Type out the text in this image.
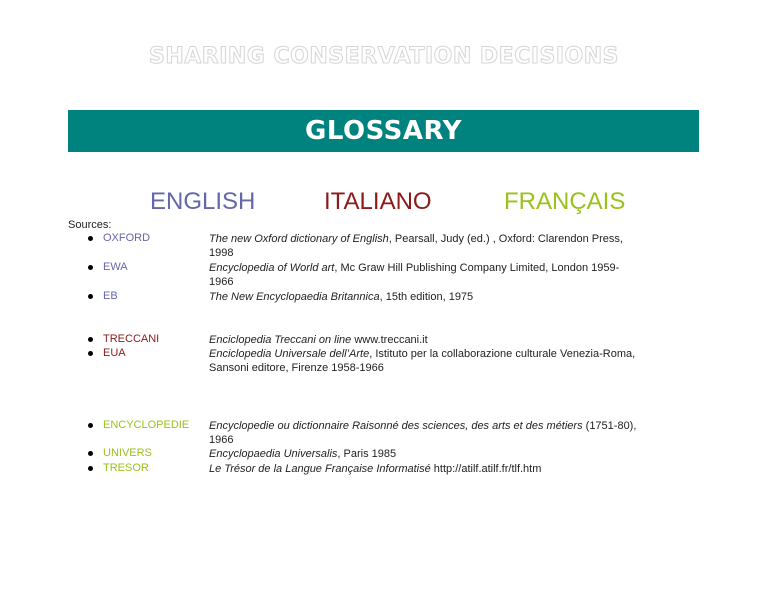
SHARING CONSERVATION DECISIONS
GLOSSARY
ENGLISH	ITALIANO	FRANÇAIS
Sources:
OXFORD	The new Oxford dictionary of English, Pearsall, Judy (ed.) , Oxford: Clarendon Press,
1998
EWA	Encyclopedia of World art, Mc Graw Hill Publishing Company Limited, London 1959-
1966
EB	The New Encyclopaedia Britannica, 15th edition, 1975
TRECCANI	Enciclopedia Treccani on line www.treccani.it
EUA	Enciclopedia Universale dell’Arte, Istituto per la collaborazione culturale Venezia-Roma,
Sansoni editore, Firenze 1958-1966
ENCYCLOPEDIE Encyclopedie ou dictionnaire Raisonné des sciences, des arts et des métiers (1751-80),
1966
UNIVERS	Encyclopaedia Universalis, Paris 1985
TRESOR	Le Trésor de la Langue Française Informatisé http://atilf.atilf.fr/tlf.htm
